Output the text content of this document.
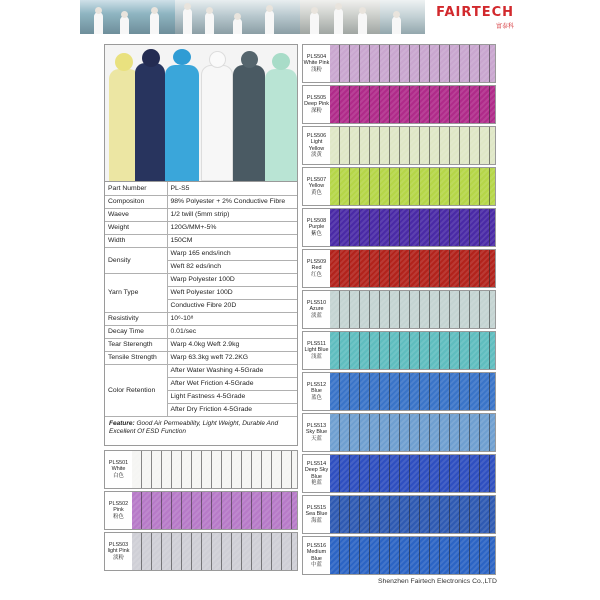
FAIRTECH
富泰科
Part Number	PL-S5
Compositon	98% Polyester + 2% Conductive Fibre
Waeve	1/2 twill (5mm strip)
Weight	120G/MM+-5%
Width	150CM
Density	Warp 165 ends/inch
	Weft 82 eds/inch
Yarn Type	Warp Polyester 100D
	Weft Polyester 100D
	Conductive Fibre 20D
Resistivity	10⁶-10⁸
Decay Time	0.01/sec
Tear Sterength	Warp 4.0kg Weft 2.9kg
Tensile Strength	Warp 63.3kg weft 72.2KG
Color Retention	After Water Washing 4-5Grade
	After Wet Friction 4-5Grade
	Light Fastness 4-5Grade
	After Dry Friction 4-5Grade
Feature: Good Air Permeability, Light Weight, Durable And Excellent Of ESD Function
PLS501
White
白色
PLS502
Pink
粉色
PLS503
light Pink
淡粉
PLS504
White Pink
浅粉
PLS505
Deep Pink
深粉
PLS506
Light Yellow
淡黄
PLS507
Yellow
黄色
PLS508
Purple
紫色
PLS509
Red
红色
PLS510
Azure
淡蓝
PLS511
Light Blue
浅蓝
PLS512
Blue
蓝色
PLS513
Sky Blue
天蓝
PLS514
Deep Sky Blue
艳蓝
PLS515
Sea Blue
海蓝
PLS516
Medium Blue
中蓝
Shenzhen Fairtech Electronics Co.,LTD
